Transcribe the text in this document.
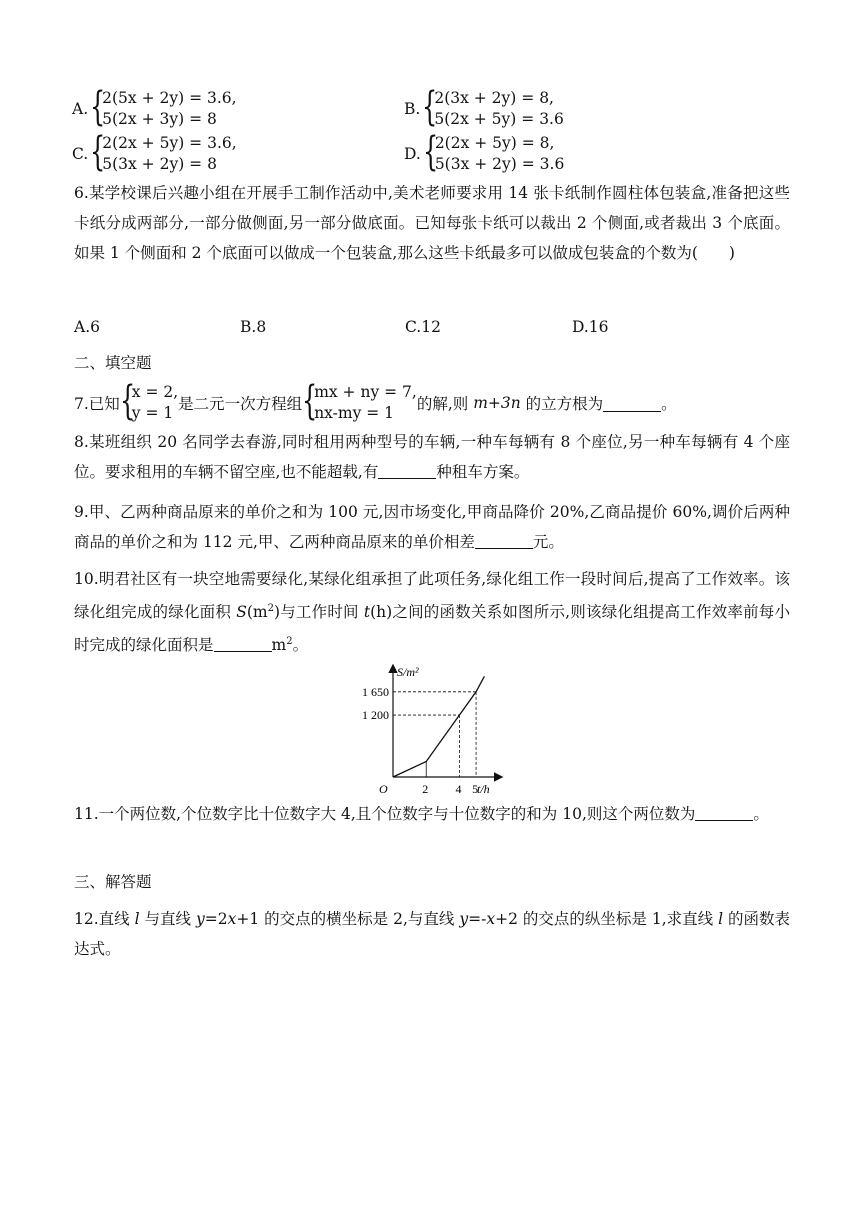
A. {
2(5x + 2y) = 3.6,
5(2x + 3y) = 8
B. {
2(3x + 2y) = 8,
5(2x + 5y) = 3.6
C. {
2(2x + 5y) = 3.6,
5(3x + 2y) = 8
D. {
2(2x + 5y) = 8,
5(3x + 2y) = 3.6
6.某学校课后兴趣小组在开展手工制作活动中,美术老师要求用 14 张卡纸制作圆柱体包装盒,准备把这些卡纸分成两部分,一部分做侧面,另一部分做底面。已知每张卡纸可以裁出 2 个侧面,或者裁出 3 个底面。如果 1 个侧面和 2 个底面可以做成一个包装盒,那么这些卡纸最多可以做成包装盒的个数为(　　)
A.6	B.8	C.12	D.16
二、填空题
7.已知 {
x = 2,
y = 1 是二元一次方程组 {
mx + ny = 7,
nx-my = 1	的解,则 m+3n 的立方根为	。
8.某班组织 20 名同学去春游,同时租用两种型号的车辆,一种车每辆有 8 个座位,另一种车每辆有 4 个座位。要求租用的车辆不留空座,也不能超载,有	种租车方案。
9.甲、乙两种商品原来的单价之和为 100 元,因市场变化,甲商品降价 20%,乙商品提价 60%,调价后两种商品的单价之和为 112 元,甲、乙两种商品原来的单价相差	元。
10.明君社区有一块空地需要绿化,某绿化组承担了此项任务,绿化组工作一段时间后,提高了工作效率。该绿化组完成的绿化面积 $S(m^2)$与工作时间 t(h)之间的函数关系如图所示,则该绿化组提高工作效率前每小时完成的绿化面积是	$m^2$。
S/m²
t/h
O	2 4 5
1 650
1 200
11.一个两位数,个位数字比十位数字大 4,且个位数字与十位数字的和为 10,则这个两位数为	。
三、解答题
12.直线 l 与直线 y=2x+1 的交点的横坐标是 2,与直线 y=-x+2 的交点的纵坐标是 1,求直线 l 的函数表达式。
